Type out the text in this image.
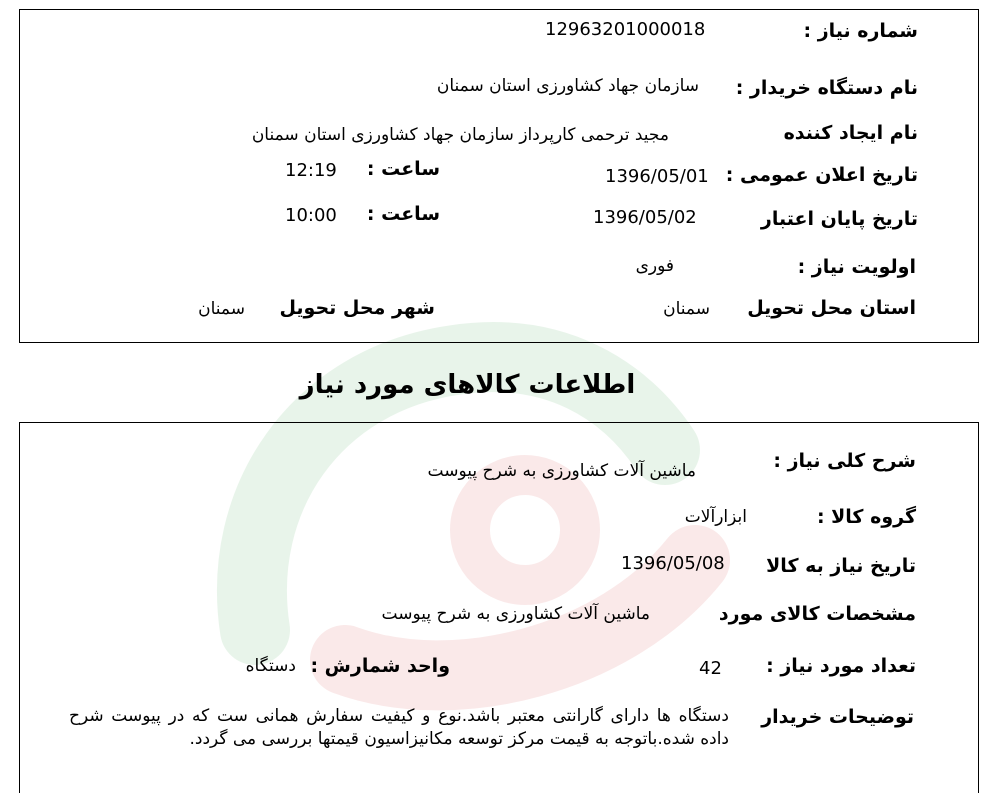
شماره نیاز :
12963201000018
نام دستگاه خریدار :
سازمان جهاد کشاورزی استان سمنان
نام ایجاد کننده
مجید ترحمی کارپرداز سازمان جهاد کشاورزی استان سمنان
تاریخ اعلان عمومی :
1396/05/01
ساعت :
12:19
تاریخ پایان اعتبار
1396/05/02
ساعت :
10:00
اولویت نیاز :
فوری
استان محل تحویل
سمنان
شهر محل تحویل
سمنان
اطلاعات کالاهای مورد نیاز
شرح کلی نیاز :
ماشین آلات کشاورزی به شرح پیوست
گروه کالا :
ابزارآلات
تاریخ نیاز به کالا
1396/05/08
مشخصات کالای مورد
ماشین آلات کشاورزی به شرح پیوست
تعداد مورد نیاز :
42
واحد شمارش :
دستگاه
توضیحات خریدار
دستگاه ها دارای گارانتی معتبر باشد.نوع و کیفیت سفارش همانی ست که در پیوست شرح داده شده.باتوجه به قیمت مرکز توسعه مکانیزاسیون قیمتها بررسی می گردد.
